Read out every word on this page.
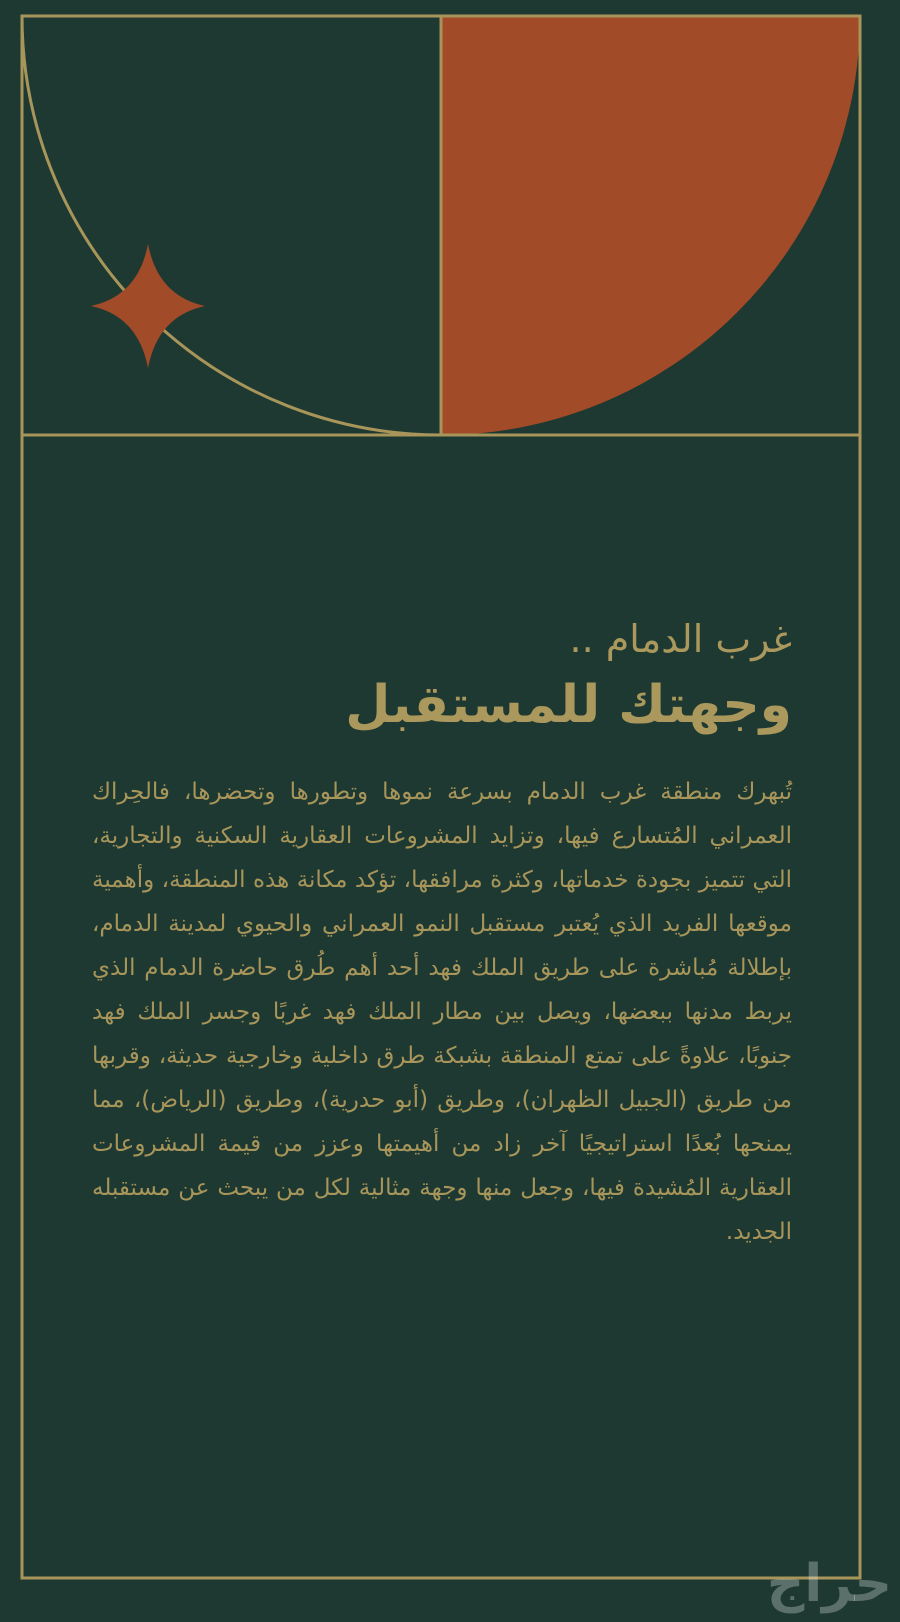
غرب الدمام ..
وجهتك للمستقبل

تُبهرك منطقة غرب الدمام بسرعة نموها وتطورها وتحضرها، فالحِراك العمراني المُتسارع فيها، وتزايد المشروعات العقارية السكنية والتجارية، التي تتميز بجودة خدماتها، وكثرة مرافقها، تؤكد مكانة هذه المنطقة، وأهمية موقعها الفريد الذي يُعتبر مستقبل النمو العمراني والحيوي لمدينة الدمام، بإطلالة مُباشرة على طريق الملك فهد أحد أهم طُرق حاضرة الدمام الذي يربط مدنها ببعضها، ويصل بين مطار الملك فهد غربًا وجسر الملك فهد جنوبًا، علاوةً على تمتع المنطقة بشبكة طرق داخلية وخارجية حديثة، وقربها من طريق (الجبيل الظهران)، وطريق (أبو حدرية)، وطريق (الرياض)، مما يمنحها بُعدًا استراتيجيًا آخر زاد من أهيمتها وعزز من قيمة المشروعات العقارية المُشيدة فيها، وجعل منها وجهة مثالية لكل من يبحث عن مستقبله الجديد.

حراج
